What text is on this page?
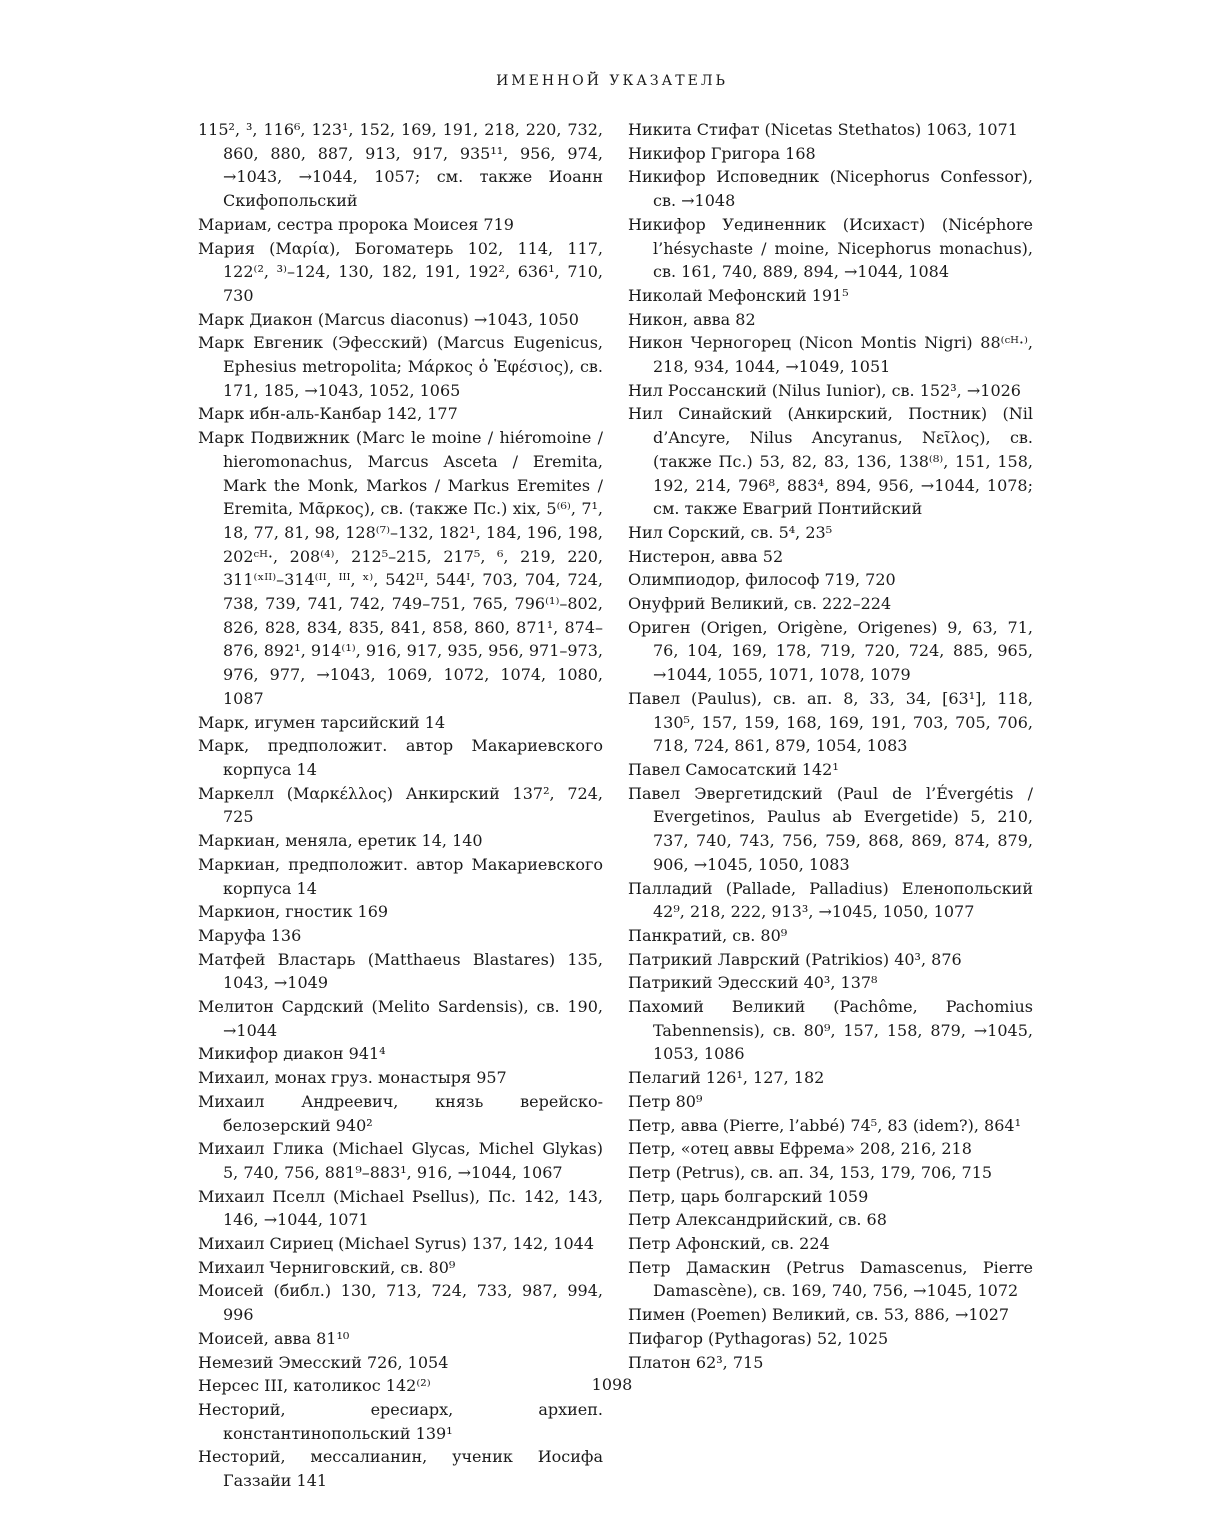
ИМЕННОЙ УКАЗАТЕЛЬ

115², ³, 116⁶, 123¹, 152, 169, 191, 218, 220, 732, 860, 880, 887, 913, 917, 935¹¹, 956, 974, →1043, →1044, 1057; см. также Иоанн Скифопольский

Мариам, сестра пророка Моисея 719

Мария (Μαρία), Богоматерь 102, 114, 117, 122⁽², ³⁾–124, 130, 182, 191, 192², 636¹, 710, 730

Марк Диакон (Marcus diaconus) →1043, 1050

Марк Евгеник (Эфесский) (Marcus Eugenicus, Ephesius metropolita; Μάρκος ὁ Ἐφέσιος), св. 171, 185, →1043, 1052, 1065

Марк ибн-аль-Канбар 142, 177

Марк Подвижник (Marc le moine / hiéromoine / hieromonachus, Marcus Asceta / Eremita, Mark the Monk, Markos / Markus Eremites / Eremita, Μᾶρκος), св. (также Пс.) xix, 5⁽⁶⁾, 7¹, 18, 77, 81, 98, 128⁽⁷⁾–132, 182¹, 184, 196, 198, 202ᶜᴴ·, 208⁽⁴⁾, 212⁵–215, 217⁵, ⁶, 219, 220, 311⁽ˣᴵᴵ⁾–314⁽ᴵᴵ, ᴵᴵᴵ, ˣ⁾, 542ᴵᴵ, 544ᴵ, 703, 704, 724, 738, 739, 741, 742, 749–751, 765, 796⁽¹⁾–802, 826, 828, 834, 835, 841, 858, 860, 871¹, 874–876, 892¹, 914⁽¹⁾, 916, 917, 935, 956, 971–973, 976, 977, →1043, 1069, 1072, 1074, 1080, 1087

Марк, игумен тарсийский 14

Марк, предположит. автор Макариевского корпуса 14

Маркелл (Μαρκέλλος) Анкирский 137², 724, 725

Маркиан, меняла, еретик 14, 140

Маркиан, предположит. автор Макариевского корпуса 14

Маркион, гностик 169

Маруфа 136

Матфей Властарь (Matthaeus Blastares) 135, 1043, →1049

Мелитон Сардский (Melito Sardensis), св. 190, →1044

Микифор диакон 941⁴

Михаил, монах груз. монастыря 957

Михаил Андреевич, князь верейско-белозерский 940²

Михаил Глика (Michael Glycas, Michel Glykas) 5, 740, 756, 881⁹–883¹, 916, →1044, 1067

Михаил Пселл (Michael Psellus), Пс. 142, 143, 146, →1044, 1071

Михаил Сириец (Michael Syrus) 137, 142, 1044

Михаил Черниговский, св. 80⁹

Моисей (библ.) 130, 713, 724, 733, 987, 994, 996

Моисей, авва 81¹⁰

Немезий Эмесский 726, 1054

Нерсес III, католикос 142⁽²⁾

Несторий, ересиарх, архиеп. константинопольский 139¹

Несторий, мессалианин, ученик Иосифа Газзайи 141

Никита Стифат (Nicetas Stethatos) 1063, 1071

Никифор Григора 168

Никифор Исповедник (Nicephorus Confessor), св. →1048

Никифор Уединенник (Исихаст) (Nicéphore l’hésychaste / moine, Nicephorus monachus), св. 161, 740, 889, 894, →1044, 1084

Николай Мефонский 191⁵

Никон, авва 82

Никон Черногорец (Nicon Montis Nigri) 88⁽ᶜᴴ·⁾, 218, 934, 1044, →1049, 1051

Нил Россанский (Nilus Iunior), св. 152³, →1026

Нил Синайский (Анкирский, Постник) (Nil d’Ancyre, Nilus Ancyranus, Νεῖλος), св. (также Пс.) 53, 82, 83, 136, 138⁽⁸⁾, 151, 158, 192, 214, 796⁸, 883⁴, 894, 956, →1044, 1078; см. также Евагрий Понтийский

Нил Сорский, св. 5⁴, 23⁵

Нистерон, авва 52

Олимпиодор, философ 719, 720

Онуфрий Великий, св. 222–224

Ориген (Origen, Origène, Origenes) 9, 63, 71, 76, 104, 169, 178, 719, 720, 724, 885, 965, →1044, 1055, 1071, 1078, 1079

Павел (Paulus), св. ап. 8, 33, 34, [63¹], 118, 130⁵, 157, 159, 168, 169, 191, 703, 705, 706, 718, 724, 861, 879, 1054, 1083

Павел Самосатский 142¹

Павел Эвергетидский (Paul de l’Évergétis / Evergetinos, Paulus ab Evergetide) 5, 210, 737, 740, 743, 756, 759, 868, 869, 874, 879, 906, →1045, 1050, 1083

Палладий (Pallade, Palladius) Еленопольский 42⁹, 218, 222, 913³, →1045, 1050, 1077

Панкратий, св. 80⁹

Патрикий Лаврский (Patrikios) 40³, 876

Патрикий Эдесский 40³, 137⁸

Пахомий Великий (Pachôme, Pachomius Tabennensis), св. 80⁹, 157, 158, 879, →1045, 1053, 1086

Пелагий 126¹, 127, 182

Петр 80⁹

Петр, авва (Pierre, l’abbé) 74⁵, 83 (idem?), 864¹

Петр, «отец аввы Ефрема» 208, 216, 218

Петр (Petrus), св. ап. 34, 153, 179, 706, 715

Петр, царь болгарский 1059

Петр Александрийский, св. 68

Петр Афонский, св. 224

Петр Дамаскин (Petrus Damascenus, Pierre Damascène), св. 169, 740, 756, →1045, 1072

Пимен (Poemen) Великий, св. 53, 886, →1027

Пифагор (Pythagoras) 52, 1025

Платон 62³, 715

1098
